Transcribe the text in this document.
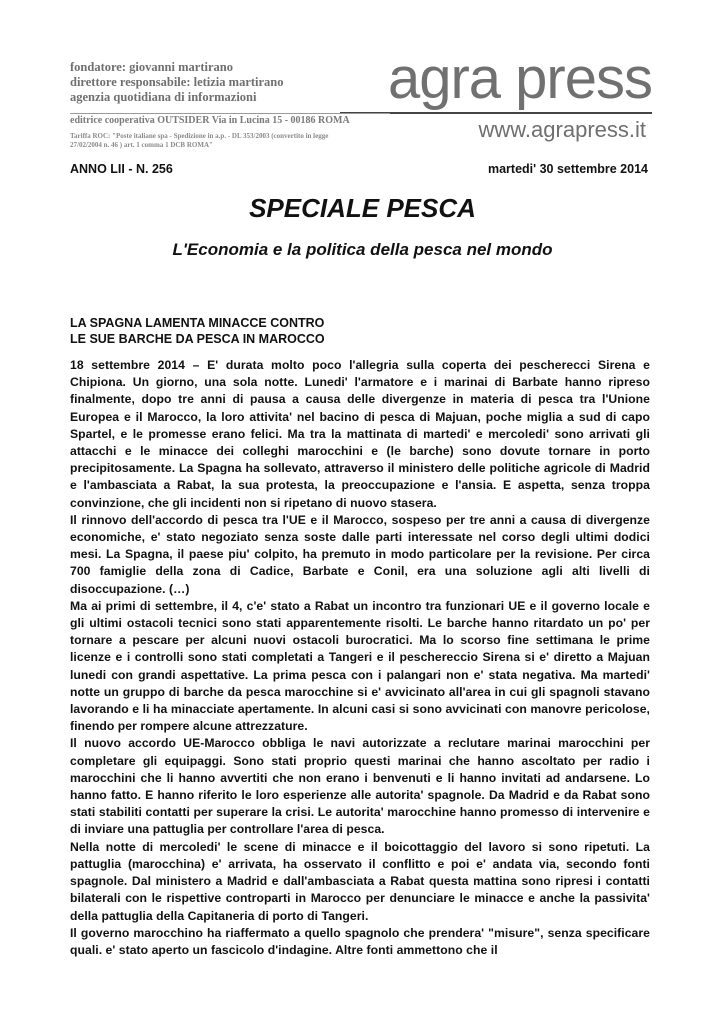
fondatore: giovanni martirano
direttore responsabile: letizia martirano
agenzia quotidiana di informazioni	agra press
editrice cooperativa OUTSIDER Via in Lucina 15 - 00186 ROMA
Tariffa ROC: "Poste italiane spa - Spedizione in a.p. - DL 353/2003 (convertito in legge
27/02/2004 n. 46 ) art. 1 comma 1 DCB ROMA"
www.agrapress.it
ANNO LII - N. 256	martedi' 30 settembre 2014
SPECIALE PESCA
L'Economia e la politica della pesca nel mondo
LA SPAGNA LAMENTA MINACCE CONTRO
LE SUE BARCHE DA PESCA IN MAROCCO

18 settembre 2014 – E' durata molto poco l'allegria sulla coperta dei pescherecci Sirena e Chipiona. Un giorno, una sola notte. Lunedi' l'armatore e i marinai di Barbate hanno ripreso finalmente, dopo tre anni di pausa a causa delle divergenze in materia di pesca tra l'Unione Europea e il Marocco, la loro attivita' nel bacino di pesca di Majuan, poche miglia a sud di capo Spartel, e le promesse erano felici. Ma tra la mattinata di martedi' e mercoledi' sono arrivati gli attacchi e le minacce dei colleghi marocchini e (le barche) sono dovute tornare in porto precipitosamente. La Spagna ha sollevato, attraverso il ministero delle politiche agricole di Madrid e l'ambasciata a Rabat, la sua protesta, la preoccupazione e l'ansia. E aspetta, senza troppa convinzione, che gli incidenti non si ripetano di nuovo stasera.

Il rinnovo dell'accordo di pesca tra l'UE e il Marocco, sospeso per tre anni a causa di divergenze economiche, e' stato negoziato senza soste dalle parti interessate nel corso degli ultimi dodici mesi. La Spagna, il paese piu' colpito, ha premuto in modo particolare per la revisione. Per circa 700 famiglie della zona di Cadice, Barbate e Conil, era una soluzione agli alti livelli di disoccupazione. (…)

Ma ai primi di settembre, il 4, c'e' stato a Rabat un incontro tra funzionari UE e il governo locale e gli ultimi ostacoli tecnici sono stati apparentemente risolti. Le barche hanno ritardato un po' per tornare a pescare per alcuni nuovi ostacoli burocratici. Ma lo scorso fine settimana le prime licenze e i controlli sono stati completati a Tangeri e il peschereccio Sirena si e' diretto a Majuan lunedi con grandi aspettative. La prima pesca con i palangari non e' stata negativa. Ma martedi' notte un gruppo di barche da pesca marocchine si e' avvicinato all'area in cui gli spagnoli stavano lavorando e li ha minacciate apertamente. In alcuni casi si sono avvicinati con manovre pericolose, finendo per rompere alcune attrezzature.

Il nuovo accordo UE-Marocco obbliga le navi autorizzate a reclutare marinai marocchini per completare gli equipaggi. Sono stati proprio questi marinai che hanno ascoltato per radio i marocchini che li hanno avvertiti che non erano i benvenuti e li hanno invitati ad andarsene. Lo hanno fatto. E hanno riferito le loro esperienze alle autorita' spagnole. Da Madrid e da Rabat sono stati stabiliti contatti per superare la crisi. Le autorita' marocchine hanno promesso di intervenire e di inviare una pattuglia per controllare l'area di pesca.

Nella notte di mercoledi' le scene di minacce e il boicottaggio del lavoro si sono ripetuti. La pattuglia (marocchina) e' arrivata, ha osservato il conflitto e poi e' andata via, secondo fonti spagnole. Dal ministero a Madrid e dall'ambasciata a Rabat questa mattina sono ripresi i contatti bilaterali con le rispettive controparti in Marocco per denunciare le minacce e anche la passivita' della pattuglia della Capitaneria di porto di Tangeri.

Il governo marocchino ha riaffermato a quello spagnolo che prendera' "misure", senza specificare quali. e' stato aperto un fascicolo d'indagine. Altre fonti ammettono che il
